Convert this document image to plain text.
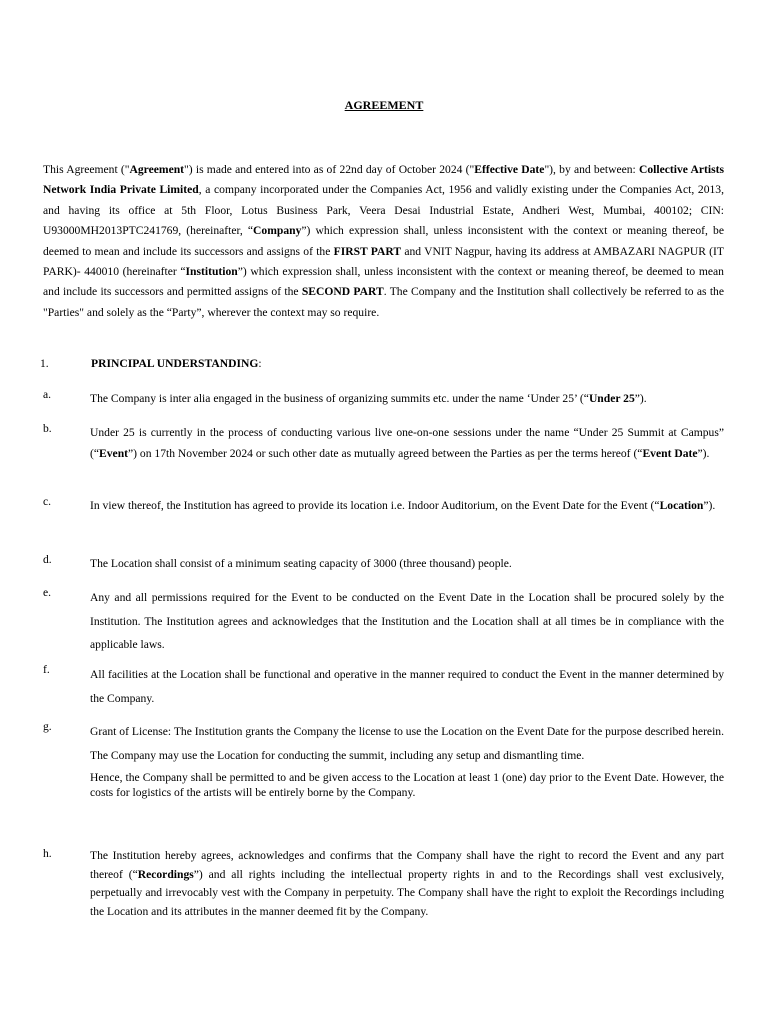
AGREEMENT
This Agreement ("Agreement") is made and entered into as of 22nd day of October 2024 ("Effective Date"), by and between: Collective Artists Network India Private Limited, a company incorporated under the Companies Act, 1956 and validly existing under the Companies Act, 2013, and having its office at 5th Floor, Lotus Business Park, Veera Desai Industrial Estate, Andheri West, Mumbai, 400102; CIN: U93000MH2013PTC241769, (hereinafter, “Company”) which expression shall, unless inconsistent with the context or meaning thereof, be deemed to mean and include its successors and assigns of the FIRST PART and VNIT Nagpur, having its address at AMBAZARI NAGPUR (IT PARK)- 440010 (hereinafter “Institution”) which expression shall, unless inconsistent with the context or meaning thereof, be deemed to mean and include its successors and permitted assigns of the SECOND PART. The Company and the Institution shall collectively be referred to as the "Parties" and solely as the “Party”, wherever the context may so require.
1.	PRINCIPAL UNDERSTANDING:
a.	The Company is inter alia engaged in the business of organizing summits etc. under the name ‘Under 25’ (“Under 25”).
b.	Under 25 is currently in the process of conducting various live one-on-one sessions under the name “Under 25 Summit at Campus” (“Event”) on 17th November 2024 or such other date as mutually agreed between the Parties as per the terms hereof (“Event Date”).
c.	In view thereof, the Institution has agreed to provide its location i.e. Indoor Auditorium, on the Event Date for the Event (“Location”).
d.	The Location shall consist of a minimum seating capacity of 3000 (three thousand) people.
e.	Any and all permissions required for the Event to be conducted on the Event Date in the Location shall be procured solely by the Institution. The Institution agrees and acknowledges that the Institution and the Location shall at all times be in compliance with the applicable laws.
f.	All facilities at the Location shall be functional and operative in the manner required to conduct the Event in the manner determined by the Company.
g.	Grant of License: The Institution grants the Company the license to use the Location on the Event Date for the purpose described herein. The Company may use the Location for conducting the summit, including any setup and dismantling time.
Hence, the Company shall be permitted to and be given access to the Location at least 1 (one) day prior to the Event Date. However, the costs for logistics of the artists will be entirely borne by the Company.
h.	The Institution hereby agrees, acknowledges and confirms that the Company shall have the right to record the Event and any part thereof (“Recordings”) and all rights including the intellectual property rights in and to the Recordings shall vest exclusively, perpetually and irrevocably vest with the Company in perpetuity. The Company shall have the right to exploit the Recordings including the Location and its attributes in the manner deemed fit by the Company.
